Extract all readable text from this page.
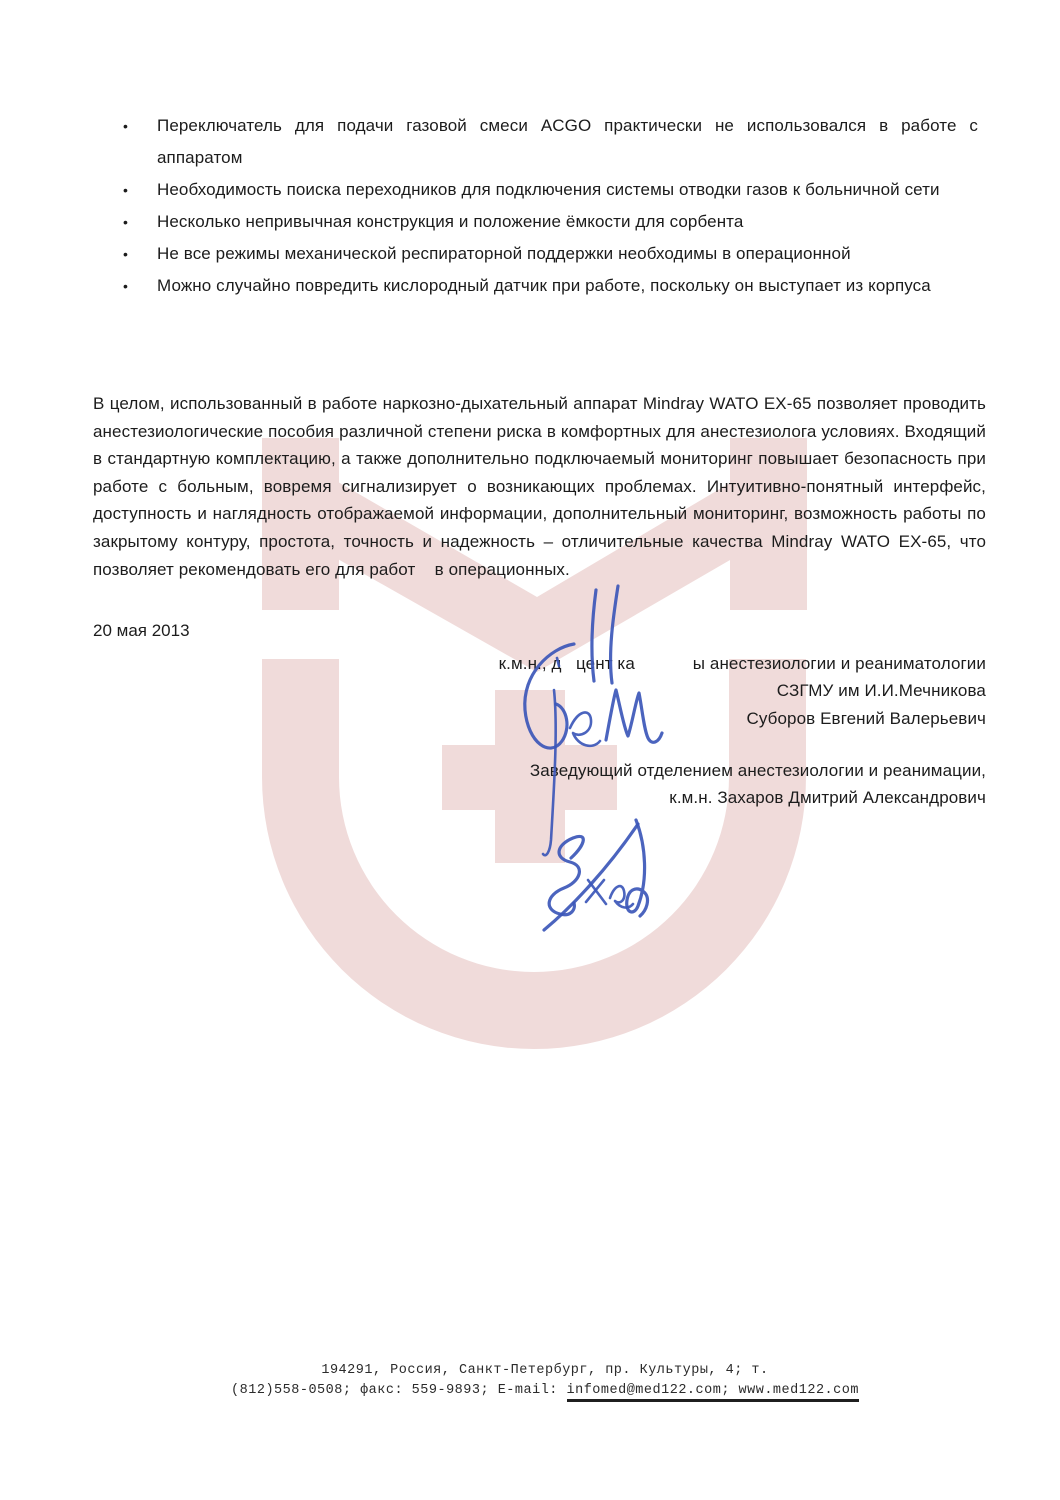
•	Переключатель для подачи газовой смеси ACGO практически не использовался в работе с аппаратом
•	Необходимость поиска переходников для подключения системы отводки газов к больничной сети
•	Несколько непривычная конструкция и положение ёмкости для сорбента
•	Не все режимы механической респираторной поддержки необходимы в операционной
•	Можно случайно повредить кислородный датчик при работе, поскольку он выступает из корпуса
В целом, использованный в работе наркозно-дыхательный аппарат Mindray WATO EX-65 позволяет проводить анестезиологические пособия различной степени риска в комфортных для анестезиолога условиях. Входящий в стандартную комплектацию, а также дополнительно подключаемый мониторинг повышает безопасность при работе с больным, вовремя сигнализирует о возникающих проблемах. Интуитивно-понятный интерфейс, доступность и наглядность отображаемой информации, дополнительный мониторинг, возможность работы по закрытому контуру, простота, точность и надежность – отличительные качества Mindray WATO EX-65, что позволяет рекомендовать его для работ    в операционных.
20 мая 2013
к.м.н., д   цент ка            ы анестезиологии и реаниматологии
СЗГМУ им И.И.Мечникова
Суборов Евгений Валерьевич
Заведующий отделением анестезиологии и реанимации,
к.м.н. Захаров Дмитрий Александрович
194291, Россия, Санкт-Петербург, пр. Культуры, 4; т.
(812)558-0508; факс: 559-9893; E-mail: infomed@med122.com; www.med122.com
